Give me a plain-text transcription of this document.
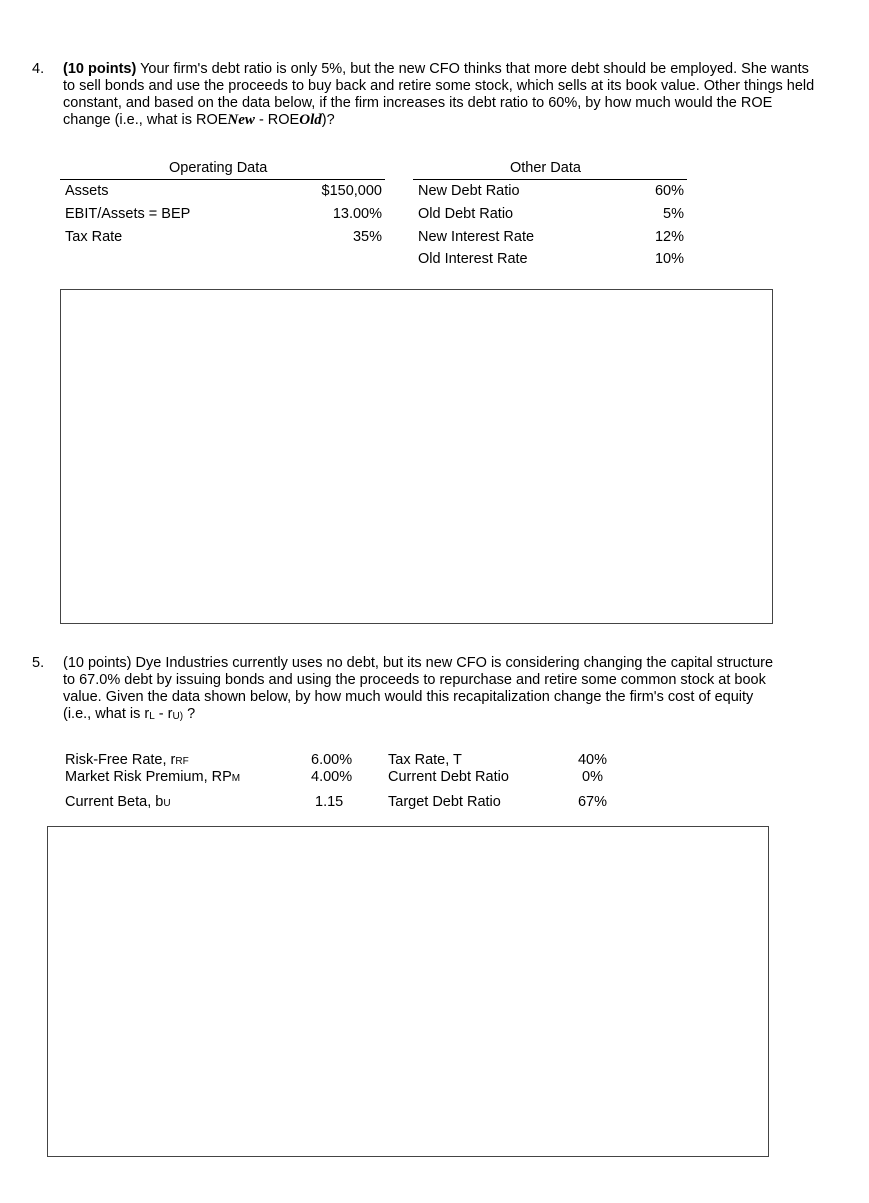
4. (10 points) Your firm's debt ratio is only 5%, but the new CFO thinks that more debt should be employed. She wants to sell bonds and use the proceeds to buy back and retire some stock, which sells at its book value. Other things held constant, and based on the data below, if the firm increases its debt ratio to 60%, by how much would the ROE change (i.e., what is ROENew - ROEOld)?
Operating Data	Other Data
Assets	$150,000
EBIT/Assets = BEP	13.00%
Tax Rate	35%
New Debt Ratio	60%
Old Debt Ratio	5%
New Interest Rate	12%
Old Interest Rate	10%
5. (10 points) Dye Industries currently uses no debt, but its new CFO is considering changing the capital structure to 67.0% debt by issuing bonds and using the proceeds to repurchase and retire some common stock at book value. Given the data shown below, by how much would this recapitalization change the firm's cost of equity (i.e., what is rL - rU) ?
Risk-Free Rate, rRF	6.00%
Market Risk Premium, RPM	4.00%
Current Beta, bU	1.15
Tax Rate, T	40%
Current Debt Ratio	0%
Target Debt Ratio	67%
